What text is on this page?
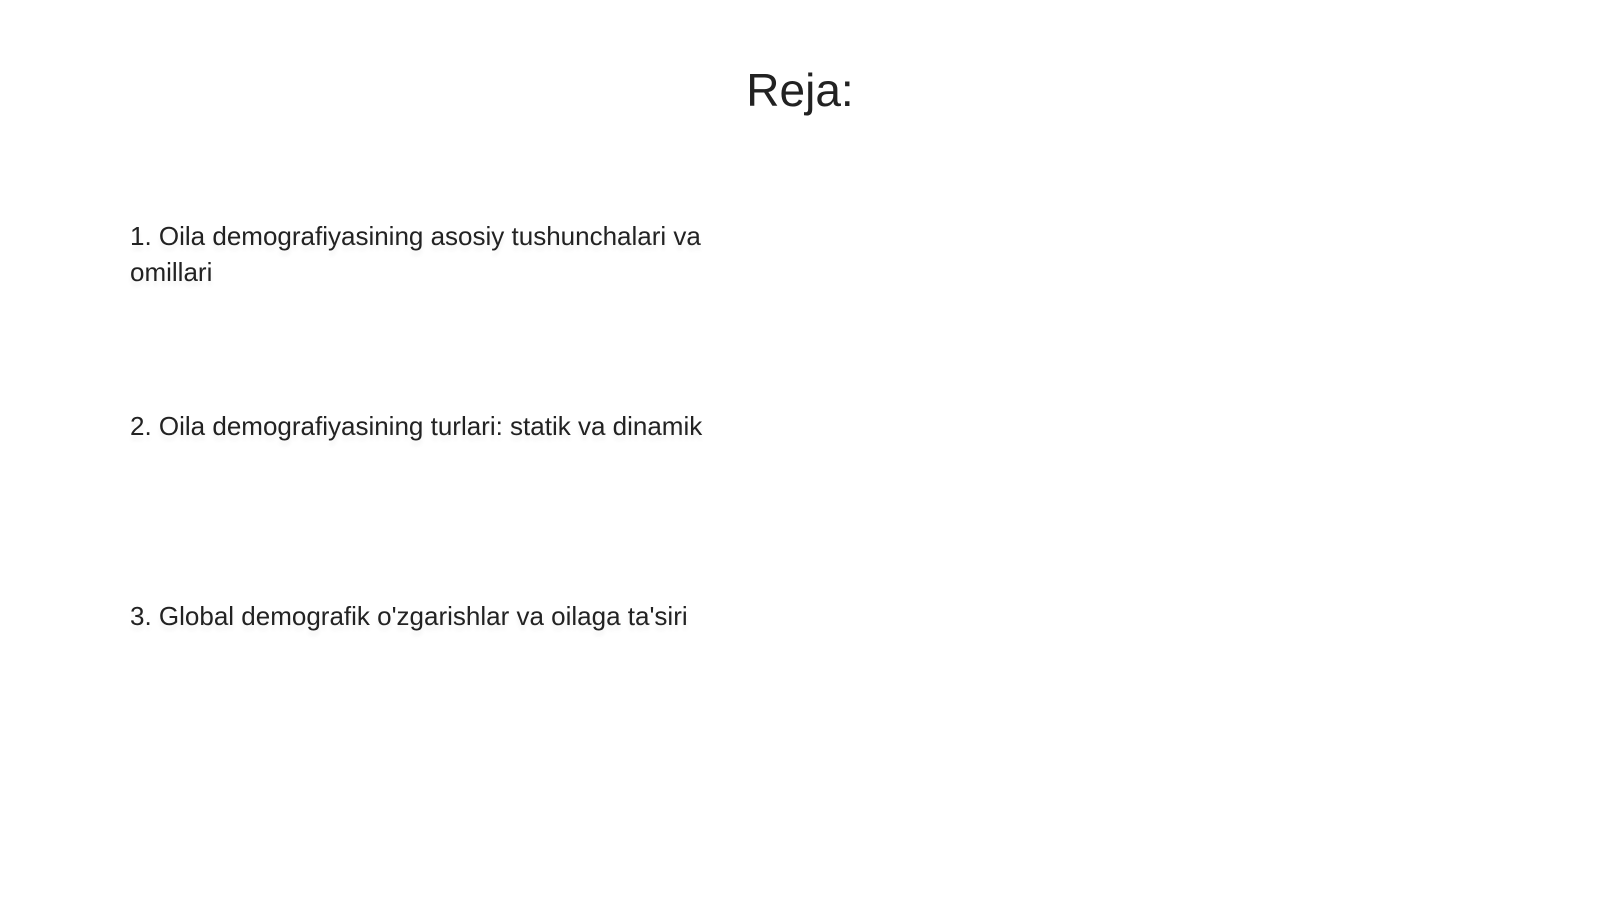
Reja:
1. Oila demografiyasining asosiy tushunchalari va omillari
2. Oila demografiyasining turlari: statik va dinamik
3. Global demografik o'zgarishlar va oilaga ta'siri
